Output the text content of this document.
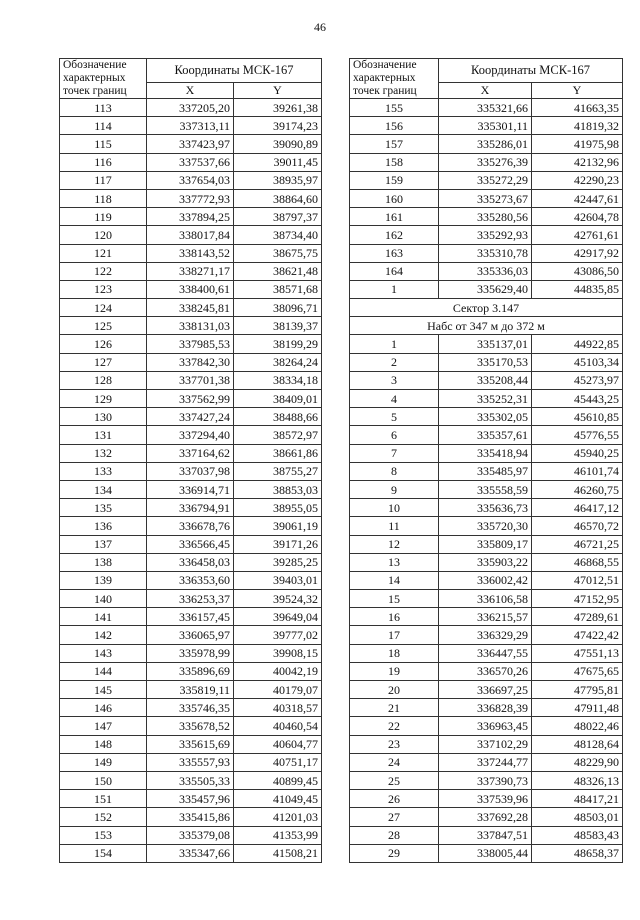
46
Обозначение
характерных
точек границ	Координаты МСК-167	
	X	Y
113	337205,20	39261,38
114	337313,11	39174,23
115	337423,97	39090,89
116	337537,66	39011,45
117	337654,03	38935,97
118	337772,93	38864,60
119	337894,25	38797,37
120	338017,84	38734,40
121	338143,52	38675,75
122	338271,17	38621,48
123	338400,61	38571,68
124	338245,81	38096,71
125	338131,03	38139,37
126	337985,53	38199,29
127	337842,30	38264,24
128	337701,38	38334,18
129	337562,99	38409,01
130	337427,24	38488,66
131	337294,40	38572,97
132	337164,62	38661,86
133	337037,98	38755,27
134	336914,71	38853,03
135	336794,91	38955,05
136	336678,76	39061,19
137	336566,45	39171,26
138	336458,03	39285,25
139	336353,60	39403,01
140	336253,37	39524,32
141	336157,45	39649,04
142	336065,97	39777,02
143	335978,99	39908,15
144	335896,69	40042,19
145	335819,11	40179,07
146	335746,35	40318,57
147	335678,52	40460,54
148	335615,69	40604,77
149	335557,93	40751,17
150	335505,33	40899,45
151	335457,96	41049,45
152	335415,86	41201,03
153	335379,08	41353,99
154	335347,66	41508,21
Обозначение
характерных
точек границ	Координаты МСК-167	
	X	Y
155	335321,66	41663,35
156	335301,11	41819,32
157	335286,01	41975,98
158	335276,39	42132,96
159	335272,29	42290,23
160	335273,67	42447,61
161	335280,56	42604,78
162	335292,93	42761,61
163	335310,78	42917,92
164	335336,03	43086,50
1	335629,40	44835,85
Сектор 3.147		
Набс от 347 м до 372 м		
1	335137,01	44922,85
2	335170,53	45103,34
3	335208,44	45273,97
4	335252,31	45443,25
5	335302,05	45610,85
6	335357,61	45776,55
7	335418,94	45940,25
8	335485,97	46101,74
9	335558,59	46260,75
10	335636,73	46417,12
11	335720,30	46570,72
12	335809,17	46721,25
13	335903,22	46868,55
14	336002,42	47012,51
15	336106,58	47152,95
16	336215,57	47289,61
17	336329,29	47422,42
18	336447,55	47551,13
19	336570,26	47675,65
20	336697,25	47795,81
21	336828,39	47911,48
22	336963,45	48022,46
23	337102,29	48128,64
24	337244,77	48229,90
25	337390,73	48326,13
26	337539,96	48417,21
27	337692,28	48503,01
28	337847,51	48583,43
29	338005,44	48658,37
